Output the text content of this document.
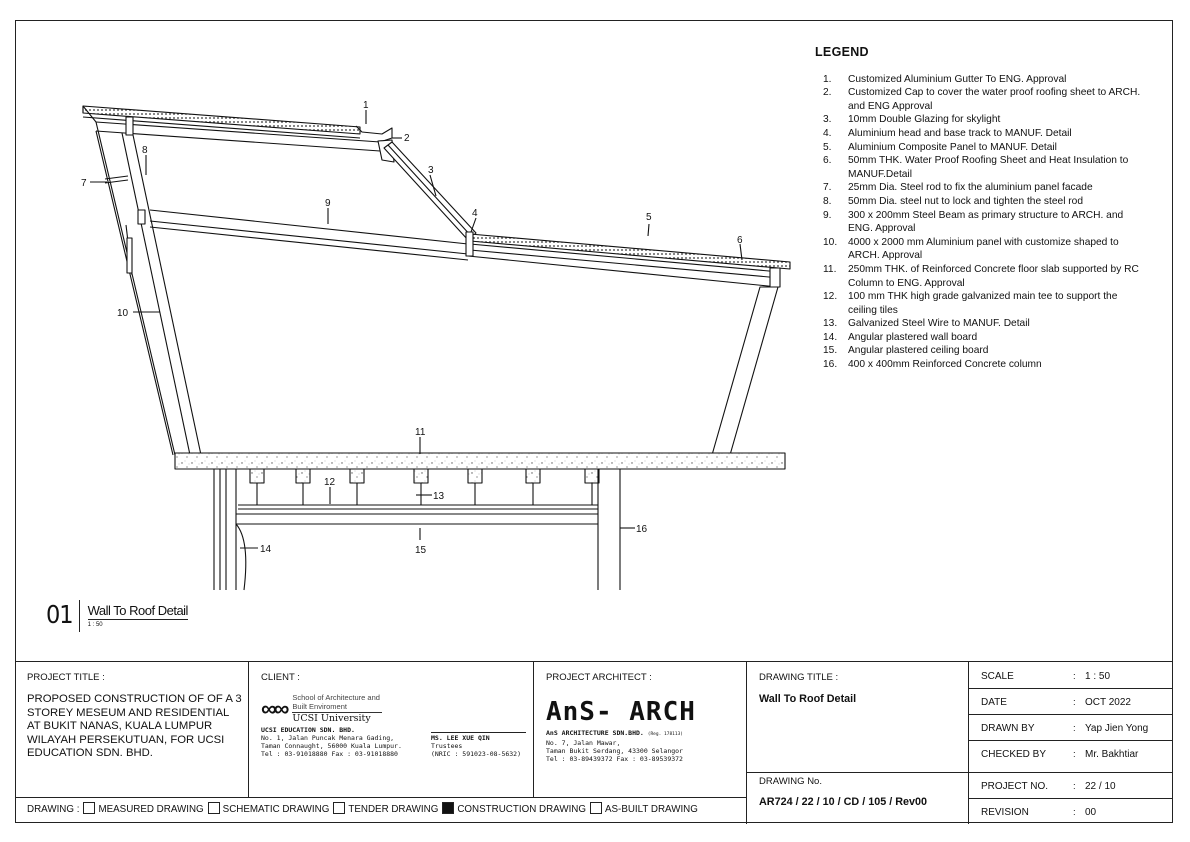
1
2
3
4	5
6
7
8
9
10
11
12
13
14	15
16
LEGEND
1.	Customized Aluminium Gutter To ENG. Approval
2.	Customized Cap to cover the water proof roofing sheet to ARCH. and ENG Approval
3.	10mm Double Glazing for skylight
4.	Aluminium head and base track to MANUF. Detail
5.	Aluminium Composite Panel to MANUF. Detail
6.	50mm THK. Water Proof Roofing Sheet and Heat Insulation to MANUF.Detail
7.	25mm Dia. Steel rod to fix the aluminium panel facade
8.	50mm Dia. steel nut to lock and tighten the steel rod
9.	300 x 200mm Steel Beam as primary structure to ARCH. and ENG. Approval
10.	4000 x 2000 mm Aluminium panel with customize shaped to ARCH. Approval
11.	250mm THK. of Reinforced Concrete floor slab supported by RC Column to ENG. Approval
12.	100 mm THK high grade galvanized main tee to support the ceiling tiles
13.	Galvanized Steel Wire to MANUF. Detail
14.	Angular plastered wall board
15.	Angular plastered ceiling board
16.	400 x 400mm Reinforced Concrete column
01	Wall To Roof Detail
1 : 50
PROJECT TITLE :
PROPOSED CONSTRUCTION OF OF A 3 STOREY MESEUM AND RESIDENTIAL AT BUKIT NANAS, KUALA LUMPUR WILAYAH PERSEKUTUAN, FOR UCSI EDUCATION SDN. BHD.
CLIENT :
∞∞ School of Architecture and Built Enviroment
UCSI University
UCSI EDUCATION SDN. BHD.
No. 1, Jalan Puncak Menara Gading,
Taman Connaught, 56000 Kuala Lumpur.
Tel : 03-91018880 Fax : 03-91018880
MS. LEE XUE QIN
Trustees
(NRIC : 591023-08-5632)
PROJECT ARCHITECT :
AnS- ARCH
AnS ARCHITECTURE SDN.BHD. (Reg. 178113)
No. 7, Jalan Mawar,
Taman Bukit Serdang, 43300 Selangor
Tel : 03-89439372 Fax : 03-89539372
DRAWING TITLE :
Wall To Roof Detail
DRAWING No.
AR724 / 22 / 10 / CD / 105 / Rev00
SCALE	: 1 : 50
DATE	: OCT 2022
DRAWN BY	: Yap Jien Yong
CHECKED BY	: Mr. Bakhtiar
PROJECT NO.	: 22 / 10
REVISION	: 00
DRAWING : MEASURED DRAWING SCHEMATIC DRAWING TENDER DRAWING CONSTRUCTION DRAWING AS-BUILT DRAWING
